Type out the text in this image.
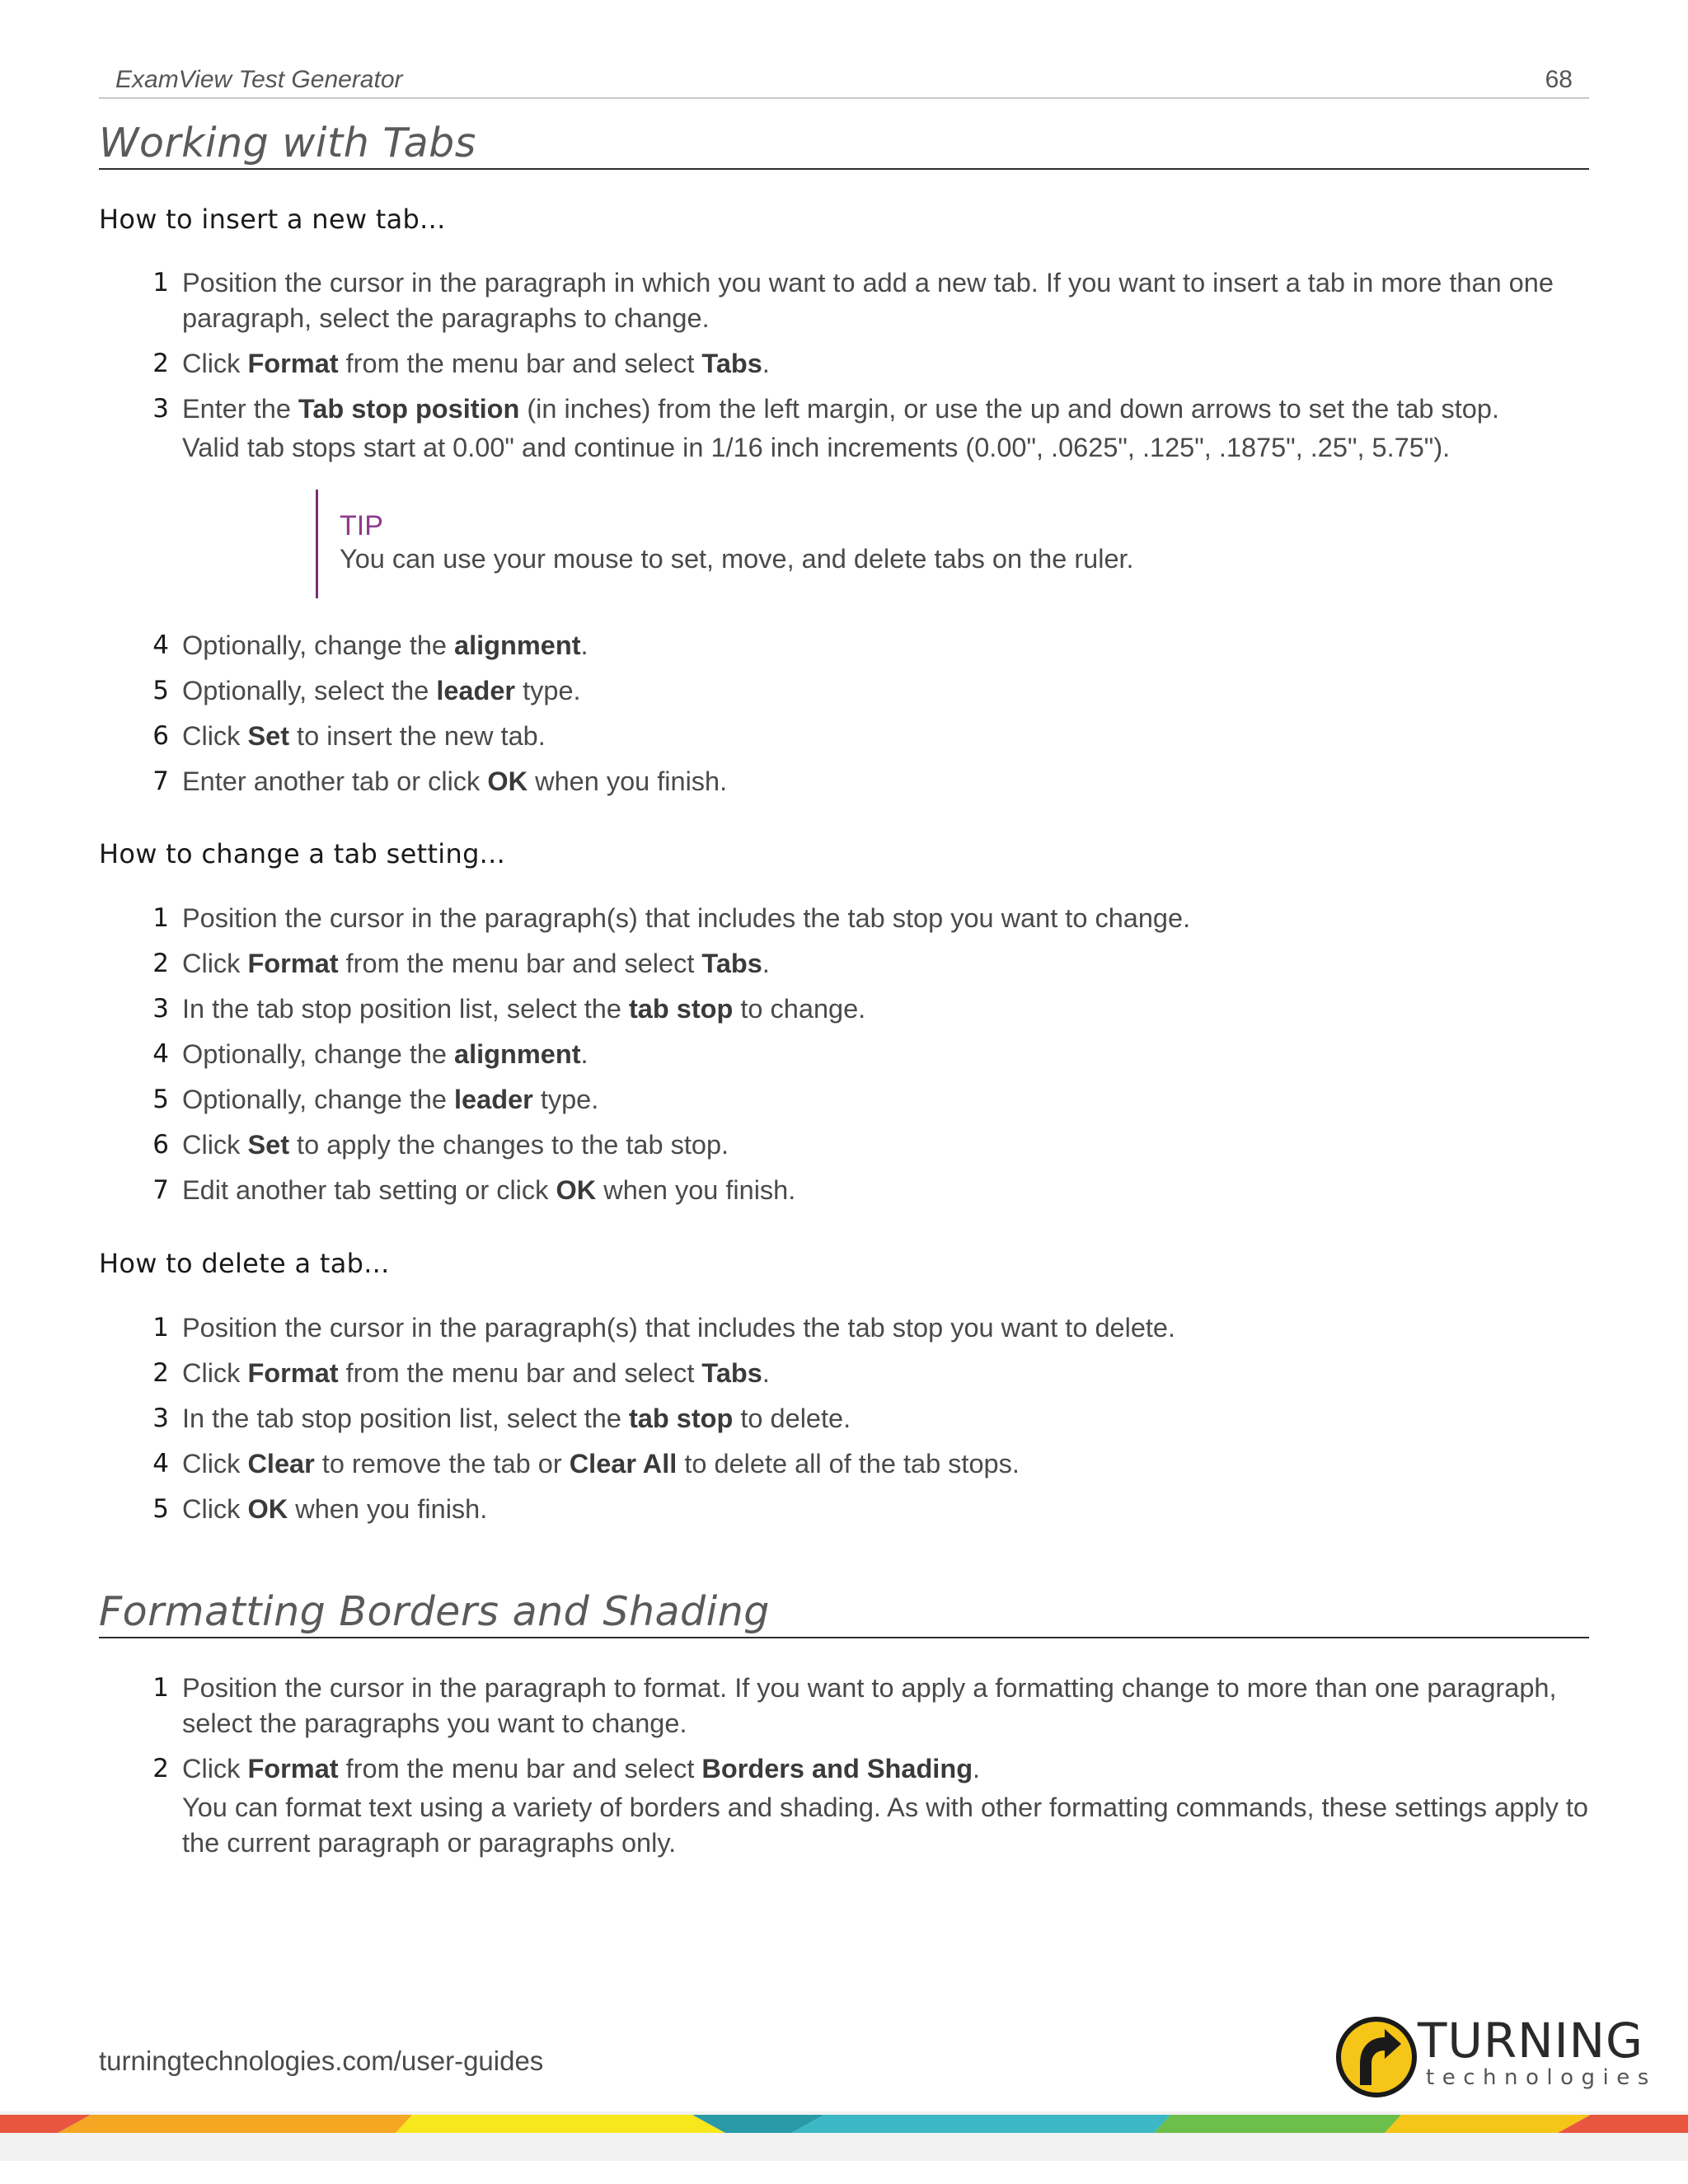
ExamView Test Generator	68
Working with Tabs
How to insert a new tab...
1 Position the cursor in the paragraph in which you want to add a new tab. If you want to insert a tab in more than one paragraph, select the paragraphs to change.
2 Click Format from the menu bar and select Tabs.
3 Enter the Tab stop position (in inches) from the left margin, or use the up and down arrows to set the tab stop.
Valid tab stops start at 0.00" and continue in 1/16 inch increments (0.00", .0625", .125", .1875", .25", 5.75").
TIP
You can use your mouse to set, move, and delete tabs on the ruler.
4 Optionally, change the alignment.
5 Optionally, select the leader type.
6 Click Set to insert the new tab.
7 Enter another tab or click OK when you finish.
How to change a tab setting...
1 Position the cursor in the paragraph(s) that includes the tab stop you want to change.
2 Click Format from the menu bar and select Tabs.
3 In the tab stop position list, select the tab stop to change.
4 Optionally, change the alignment.
5 Optionally, change the leader type.
6 Click Set to apply the changes to the tab stop.
7 Edit another tab setting or click OK when you finish.
How to delete a tab...
1 Position the cursor in the paragraph(s) that includes the tab stop you want to delete.
2 Click Format from the menu bar and select Tabs.
3 In the tab stop position list, select the tab stop to delete.
4 Click Clear to remove the tab or Clear All to delete all of the tab stops.
5 Click OK when you finish.
Formatting Borders and Shading
1 Position the cursor in the paragraph to format. If you want to apply a formatting change to more than one paragraph, select the paragraphs you want to change.
2 Click Format from the menu bar and select Borders and Shading.
You can format text using a variety of borders and shading. As with other formatting commands, these settings apply to the current paragraph or paragraphs only.
turningtechnologies.com/user-guides	TURNING
technologies
